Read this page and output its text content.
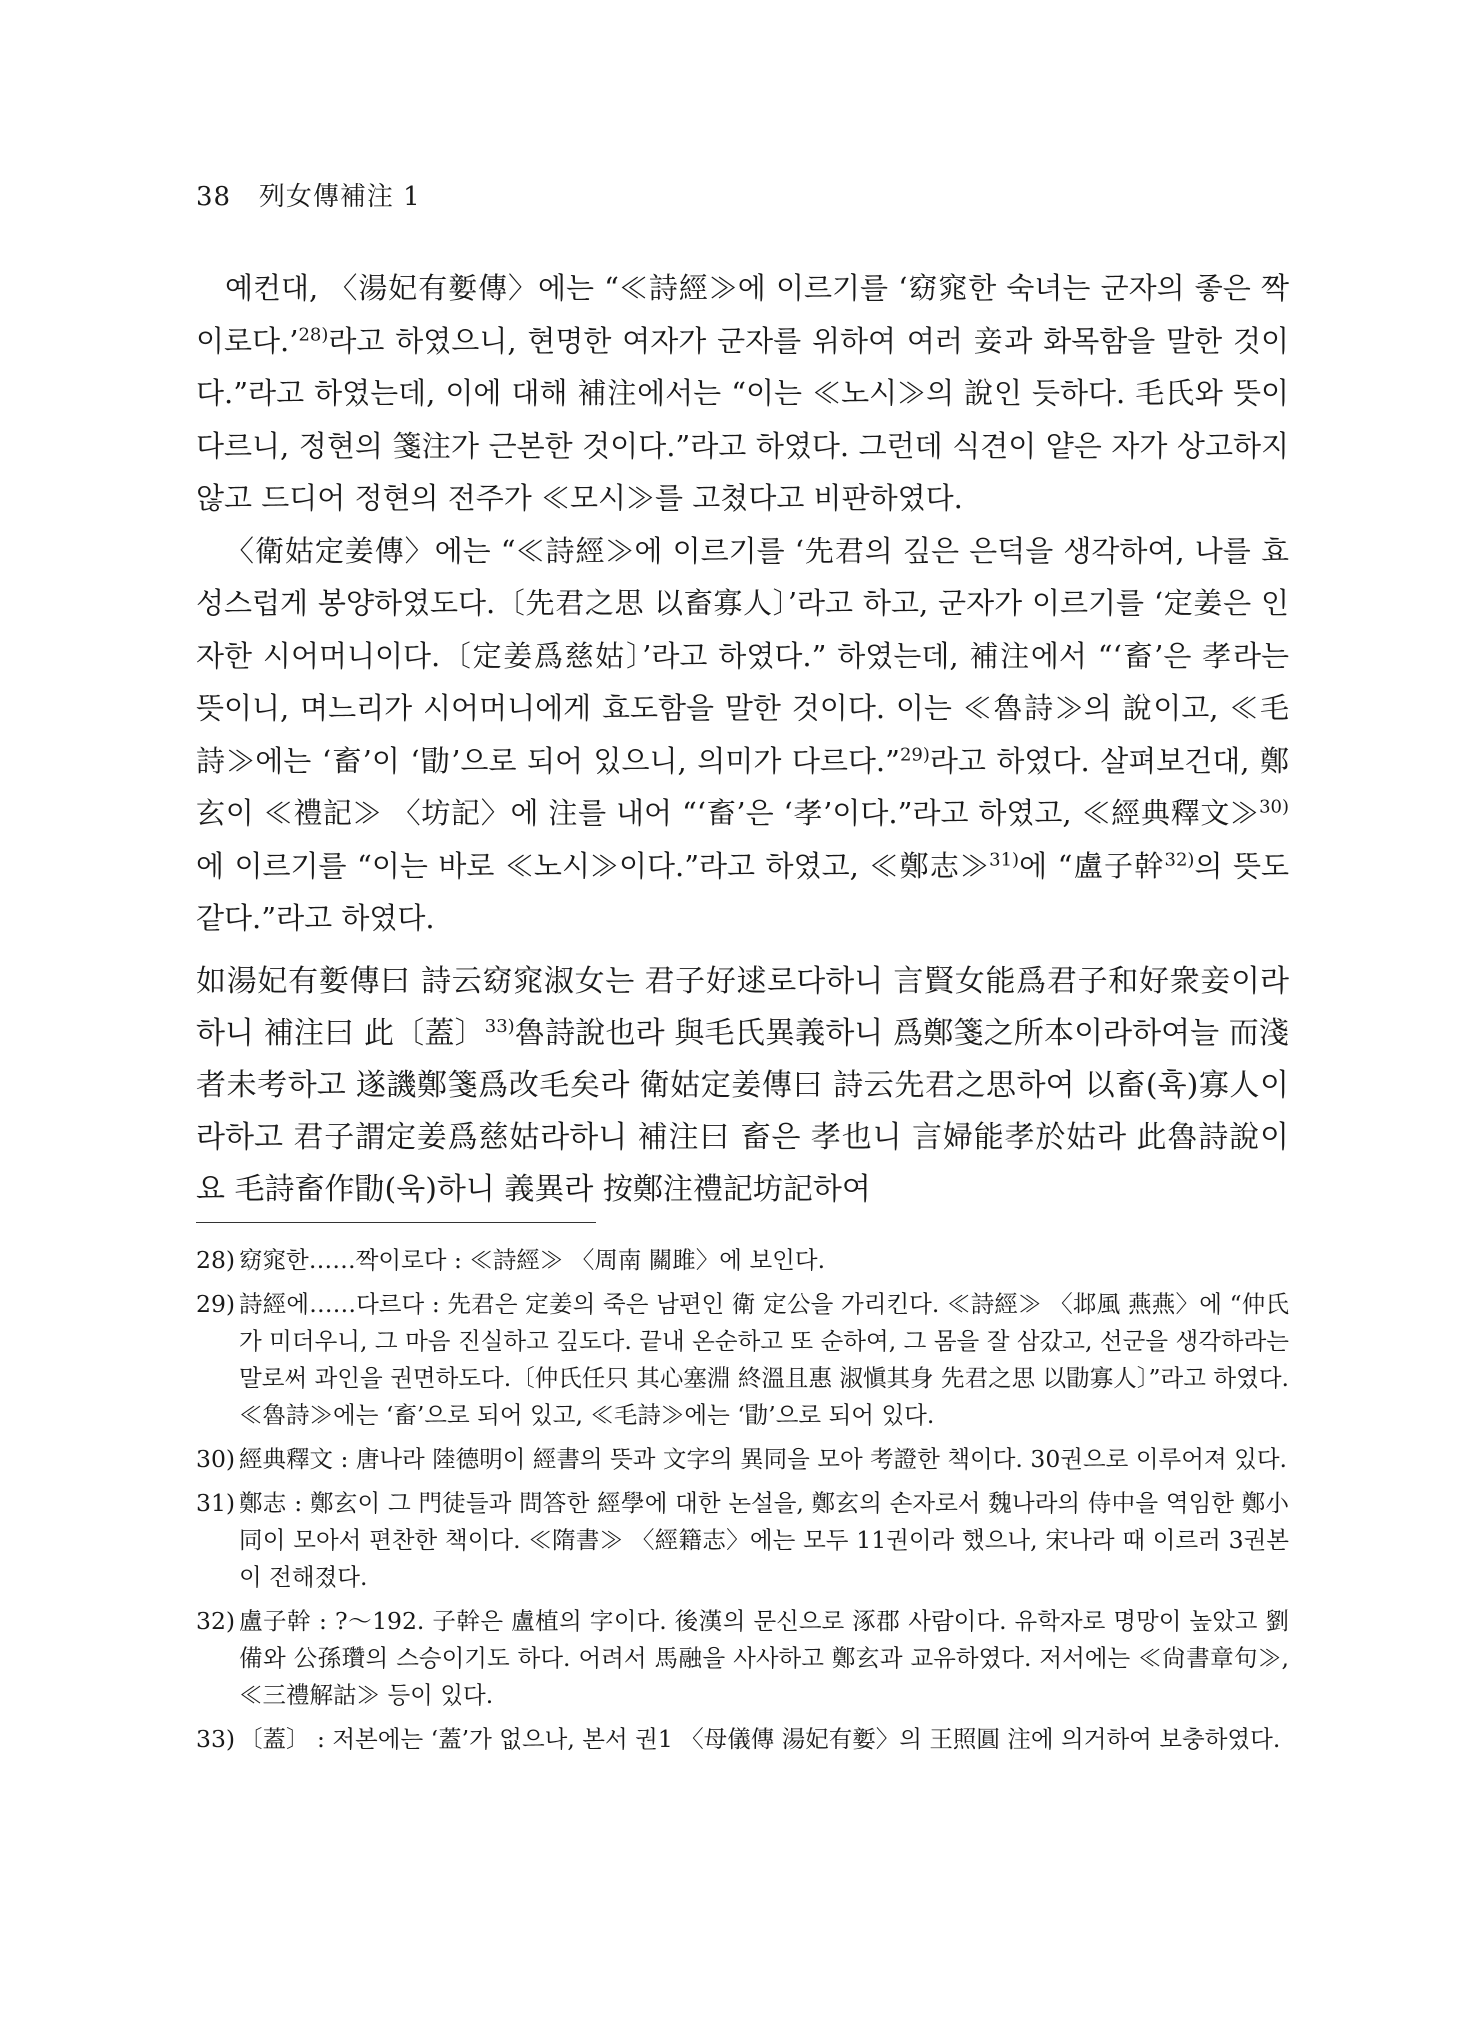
38 列女傳補注 1

예컨대, 〈湯妃有㜪傳〉에는 “≪詩經≫에 이르기를 ‘窈窕한 숙녀는 군자의 좋은 짝이로다.’$^{28)}$라고 하였으니, 현명한 여자가 군자를 위하여 여러 妾과 화목함을 말한 것이다.”라고 하였는데, 이에 대해 補注에서는 “이는 ≪노시≫의 說인 듯하다. 毛氏와 뜻이 다르니, 정현의 箋注가 근본한 것이다.”라고 하였다. 그런데 식견이 얕은 자가 상고하지 않고 드디어 정현의 전주가 ≪모시≫를 고쳤다고 비판하였다.

〈衛姑定姜傳〉에는 “≪詩經≫에 이르기를 ‘先君의 깊은 은덕을 생각하여, 나를 효성스럽게 봉양하였도다.〔先君之思 以畜寡人〕’라고 하고, 군자가 이르기를 ‘定姜은 인자한 시어머니이다.〔定姜爲慈姑〕’라고 하였다.” 하였는데, 補注에서 “‘畜’은 孝라는 뜻이니, 며느리가 시어머니에게 효도함을 말한 것이다. 이는 ≪魯詩≫의 說이고, ≪毛詩≫에는 ‘畜’이 ‘勖’으로 되어 있으니, 의미가 다르다.”$^{29)}$라고 하였다. 살펴보건대, 鄭玄이 ≪禮記≫ 〈坊記〉에 注를 내어 “‘畜’은 ‘孝’이다.”라고 하였고, ≪經典釋文≫$^{30)}$에 이르기를 “이는 바로 ≪노시≫이다.”라고 하였고, ≪鄭志≫$^{31)}$에 “盧子幹$^{32)}$의 뜻도 같다.”라고 하였다.

如湯妃有㜪傳曰 詩云窈窕淑女는 君子好逑로다하니 言賢女能爲君子和好衆妾이라하니 補注曰 此〔蓋〕$^{33)}$魯詩說也라 與毛氏異義하니 爲鄭箋之所本이라하여늘 而淺者未考하고 遂譏鄭箋爲改毛矣라 衛姑定姜傳曰 詩云先君之思하여 以畜(휵)寡人이라하고 君子謂定姜爲慈姑라하니 補注曰 畜은 孝也니 言婦能孝於姑라 此魯詩說이요 毛詩畜作勖(욱)하니 義異라 按鄭注禮記坊記하여

28) 窈窕한……짝이로다 : ≪詩經≫ 〈周南 關雎〉에 보인다.
29) 詩經에……다르다 : 先君은 定姜의 죽은 남편인 衛 定公을 가리킨다. ≪詩經≫ 〈邶風 燕燕〉에 “仲氏가 미더우니, 그 마음 진실하고 깊도다. 끝내 온순하고 또 순하여, 그 몸을 잘 삼갔고, 선군을 생각하라는 말로써 과인을 권면하도다.〔仲氏任只 其心塞淵 終溫且惠 淑愼其身 先君之思 以勖寡人〕”라고 하였다. ≪魯詩≫에는 ‘畜’으로 되어 있고, ≪毛詩≫에는 ‘勖’으로 되어 있다.
30) 經典釋文 : 唐나라 陸德明이 經書의 뜻과 文字의 異同을 모아 考證한 책이다. 30권으로 이루어져 있다.
31) 鄭志 : 鄭玄이 그 門徒들과 問答한 經學에 대한 논설을, 鄭玄의 손자로서 魏나라의 侍中을 역임한 鄭小同이 모아서 편찬한 책이다. ≪隋書≫ 〈經籍志〉에는 모두 11권이라 했으나, 宋나라 때 이르러 3권본이 전해졌다.
32) 盧子幹 : ?～192. 子幹은 盧植의 字이다. 後漢의 문신으로 涿郡 사람이다. 유학자로 명망이 높았고 劉備와 公孫瓚의 스승이기도 하다. 어려서 馬融을 사사하고 鄭玄과 교유하였다. 저서에는 ≪尙書章句≫, ≪三禮解詁≫ 등이 있다.
33) 〔蓋〕 : 저본에는 ‘蓋’가 없으나, 본서 권1 〈母儀傳 湯妃有㜪〉의 王照圓 注에 의거하여 보충하였다.
